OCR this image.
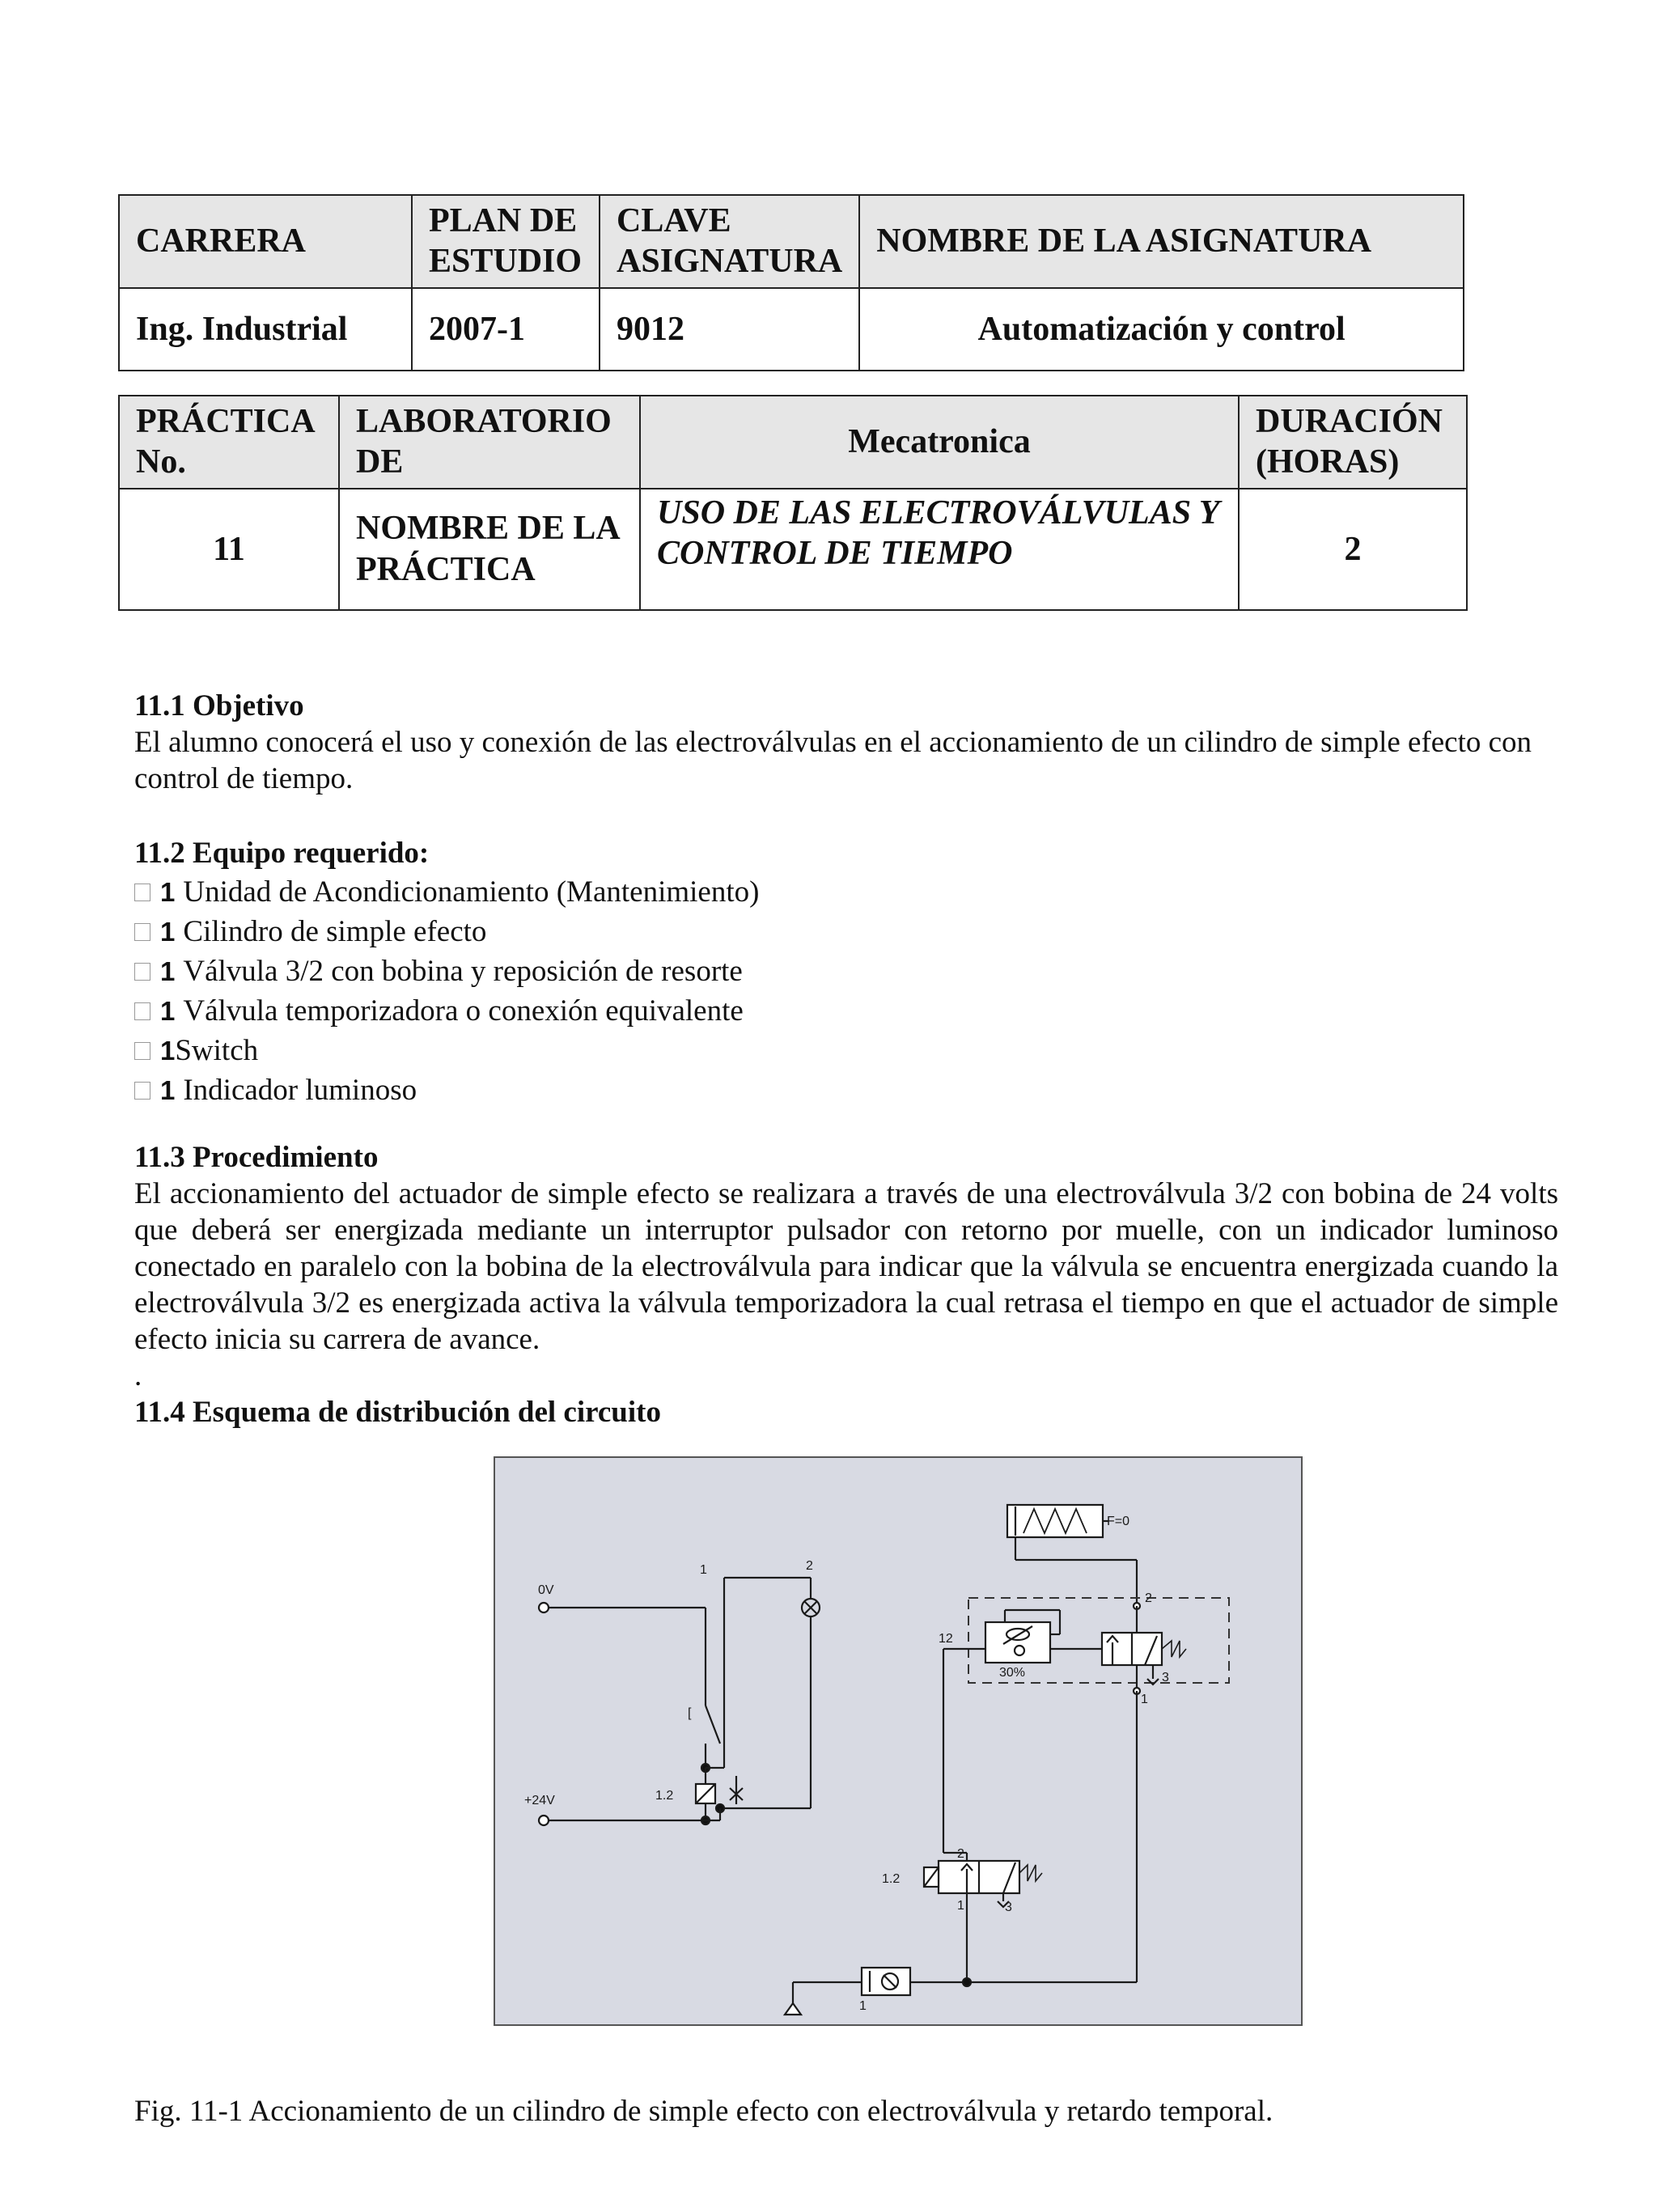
CARRERA	PLAN DE ESTUDIO	CLAVE ASIGNATURA	NOMBRE DE LA ASIGNATURA
Ing. Industrial	2007-1	9012	Automatización y control
PRÁCTICA No.	LABORATORIO DE	Mecatronica	DURACIÓN (HORAS)
11	NOMBRE DE LA PRÁCTICA	USO DE LAS ELECTROVÁLVULAS Y CONTROL DE TIEMPO	2
11.1 Objetivo

El alumno conocerá el uso y conexión de las electroválvulas en el accionamiento de un cilindro de simple efecto con control de tiempo.

11.2 Equipo requerido:
1 Unidad de Acondicionamiento (Mantenimiento)
1 Cilindro de simple efecto
1 Válvula 3/2 con bobina y reposición de resorte
1 Válvula temporizadora o conexión equivalente
1 Switch
1 Indicador luminoso
11.3 Procedimiento

El accionamiento del actuador de simple efecto se realizara a través de una electroválvula 3/2 con bobina de 24 volts que deberá ser energizada mediante un interruptor pulsador con retorno por muelle, con un indicador luminoso conectado en paralelo con la bobina de la electroválvula para indicar que la válvula se encuentra energizada cuando la electroválvula 3/2 es energizada activa la válvula temporizadora la cual retrasa el tiempo en que el actuador de simple efecto inicia su carrera de avance.

.

11.4 Esquema de distribución del circuito
0V
1	2
[
1.2
+24V
F=0
2
12
30%	3
1
2
1.2
1	3
1
Fig. 11-1 Accionamiento de un cilindro de simple efecto con electroválvula y retardo temporal.
